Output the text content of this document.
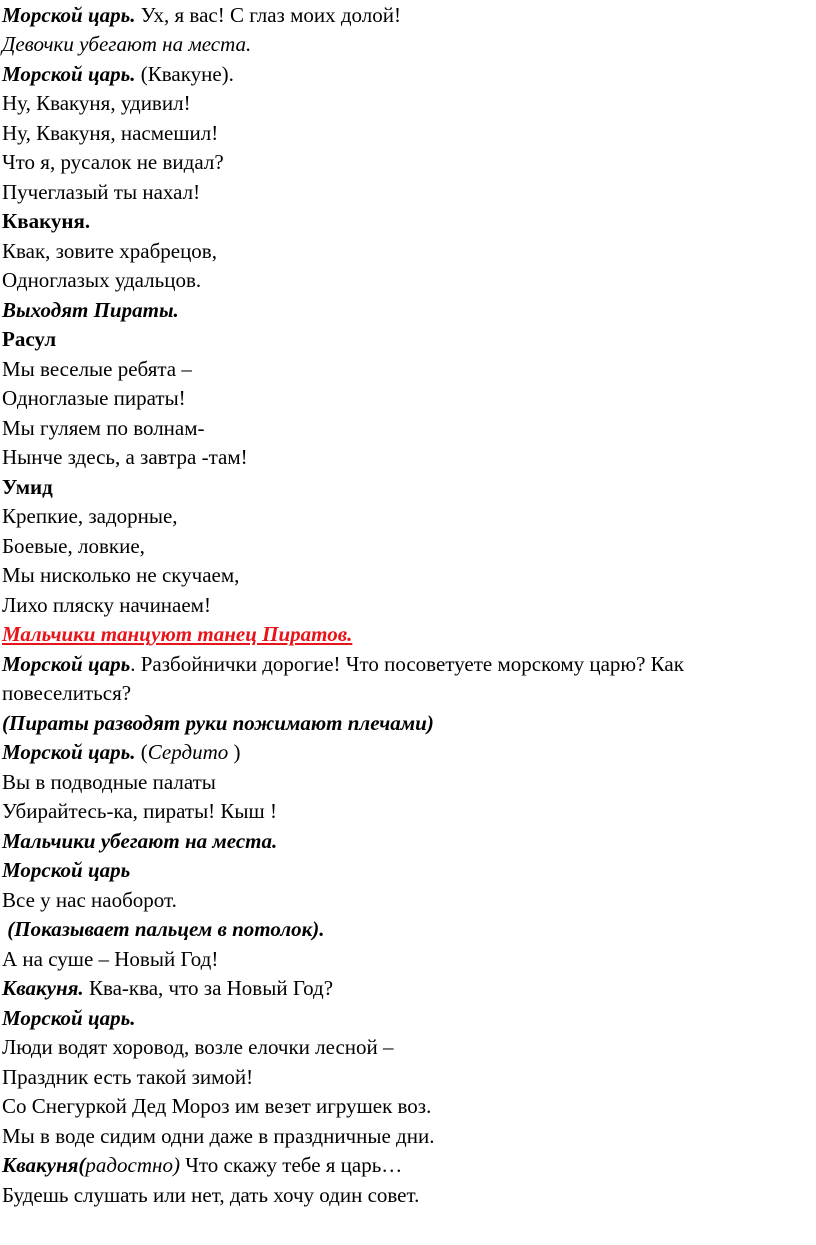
Морской царь. Ух, я вас! С глаз моих долой!
Девочки убегают на места.
Морской царь. (Квакуне).
Ну, Квакуня, удивил!
Ну, Квакуня, насмешил!
Что я, русалок не видал?
Пучеглазый ты нахал!
Квакуня.
Квак, зовите храбрецов,
Одноглазых удальцов.
Выходят Пираты.
Расул
Мы веселые ребята –
Одноглазые пираты!
Мы гуляем по волнам-
Нынче здесь, а завтра -там!
Умид
Крепкие, задорные,
Боевые, ловкие,
Мы нисколько не скучаем,
Лихо пляску начинаем!
Мальчики танцуют танец Пиратов.
Морской царь. Разбойнички дорогие! Что посоветуете морскому царю? Как
повеселиться?
(Пираты разводят руки пожимают плечами)
Морской царь. (Сердито )
Вы в подводные палаты
Убирайтесь-ка, пираты! Кыш !
Мальчики убегают на места.
Морской царь
Все у нас наоборот.
(Показывает пальцем в потолок).
А на суше – Новый Год!
Квакуня. Ква-ква, что за Новый Год?
Морской царь.
Люди водят хоровод, возле елочки лесной –
Праздник есть такой зимой!
Со Снегуркой Дед Мороз им везет игрушек воз.
Мы в воде сидим одни даже в праздничные дни.
Квакуня(радостно) Что скажу тебе я царь…
Будешь слушать или нет, дать хочу один совет.
